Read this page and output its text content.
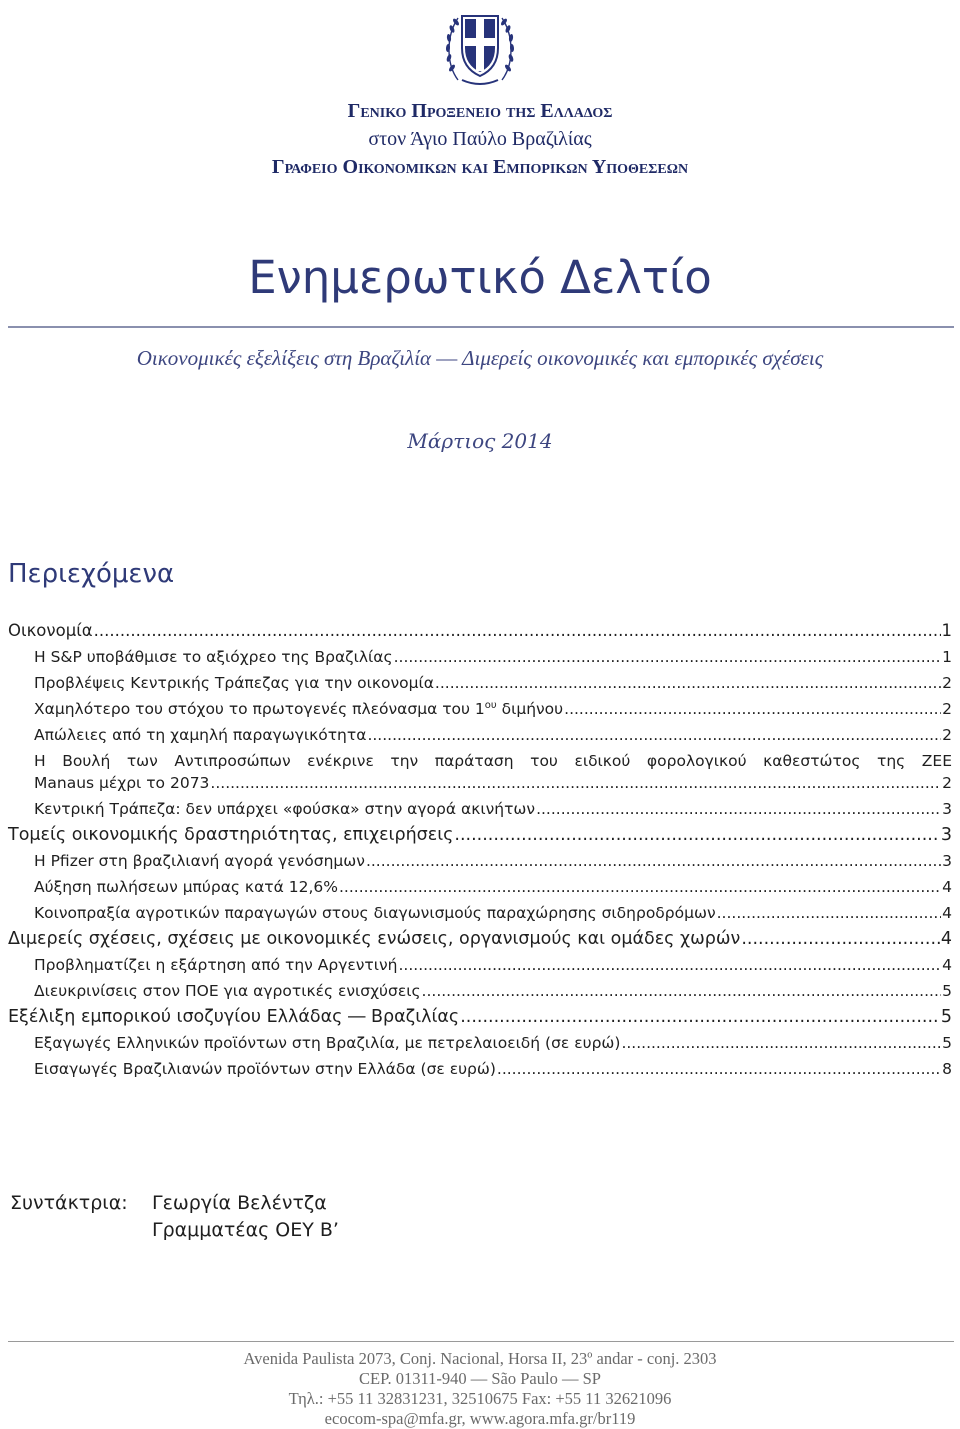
Γενικο Προξενειο της Ελλαδος
στον Άγιο Παύλο Βραζιλίας
Γραφειο Οικονομικων και Εμπορικων Υποθεσεων
Ενημερωτικό Δελτίο
Οικονομικές εξελίξεις στη Βραζιλία ― Διμερείς οικονομικές και εμπορικές σχέσεις
Μάρτιος 2014
Περιεχόμενα
Οικονομία .....	1
Η S&P υποβάθμισε το αξιόχρεο της Βραζιλίας .....	1
Προβλέψεις Κεντρικής Τράπεζας για την οικονομία .....	2
Χαμηλότερο του στόχου το πρωτογενές πλεόνασμα του $1^{o\upsilon}$ διμήνου .....	2
Απώλειες από τη χαμηλή παραγωγικότητα .....	2
Η Βουλή των Αντιπροσώπων ενέκρινε την παράταση του ειδικού φορολογικού καθεστώτος της ΖΕΕ
Manaus μέχρι το 2073 .....	2
Κεντρική Τράπεζα: δεν υπάρχει «φούσκα» στην αγορά ακινήτων .....	3
Τομείς οικονομικής δραστηριότητας, επιχειρήσεις .....	3
Η Pfizer στη βραζιλιανή αγορά γενόσημων .....	3
Αύξηση πωλήσεων μπύρας κατά 12,6% .....	4
Κοινοπραξία αγροτικών παραγωγών στους διαγωνισμούς παραχώρησης σιδηροδρόμων .....	4
Διμερείς σχέσεις, σχέσεις με οικονομικές ενώσεις, οργανισμούς και ομάδες χωρών .....	4
Προβληματίζει η εξάρτηση από την Αργεντινή .....	4
Διευκρινίσεις στον ΠΟΕ για αγροτικές ενισχύσεις .....	5
Εξέλιξη εμπορικού ισοζυγίου Ελλάδας ― Βραζιλίας .....	5
Εξαγωγές Ελληνικών προϊόντων στη Βραζιλία, με πετρελαιοειδή (σε ευρώ) .....	5
Εισαγωγές Βραζιλιανών προϊόντων στην Ελλάδα (σε ευρώ) .....	8
Συντάκτρια: Γεωργία Βελέντζα
Γραμματέας ΟΕΥ Β’
Avenida Paulista 2073, Conj. Nacional, Horsa II, 23º andar - conj. 2303
CEP. 01311-940 ― São Paulo ― SP
Τηλ.: +55 11 32831231, 32510675 Fax: +55 11 32621096
ecocom-spa@mfa.gr, www.agora.mfa.gr/br119
